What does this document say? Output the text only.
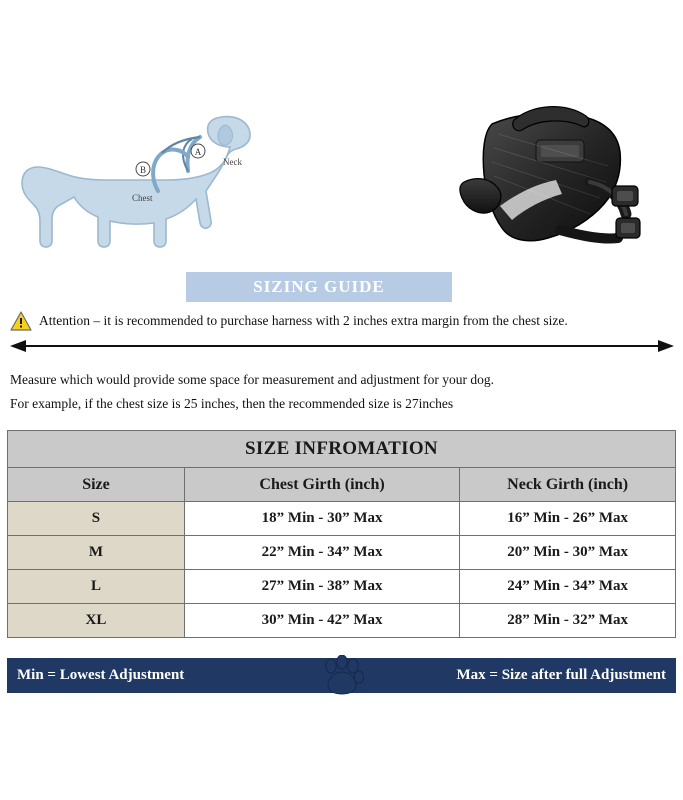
A
B
Neck
Chest
SIZING GUIDE
Attention – it is recommended to purchase harness with 2 inches extra margin from the chest size.
Measure which would provide some space for measurement and adjustment for your dog.
For example, if the chest size is 25 inches, then the recommended size is 27inches
SIZE INFROMATION		
Size	Chest Girth (inch)	Neck Girth (inch)
S	18” Min - 30” Max	16” Min - 26” Max
M	22” Min - 34” Max	20” Min - 30” Max
L	27” Min - 38” Max	24” Min - 34” Max
XL	30” Min - 42” Max	28” Min - 32” Max
Min = Lowest Adjustment	Max = Size after full Adjustment
